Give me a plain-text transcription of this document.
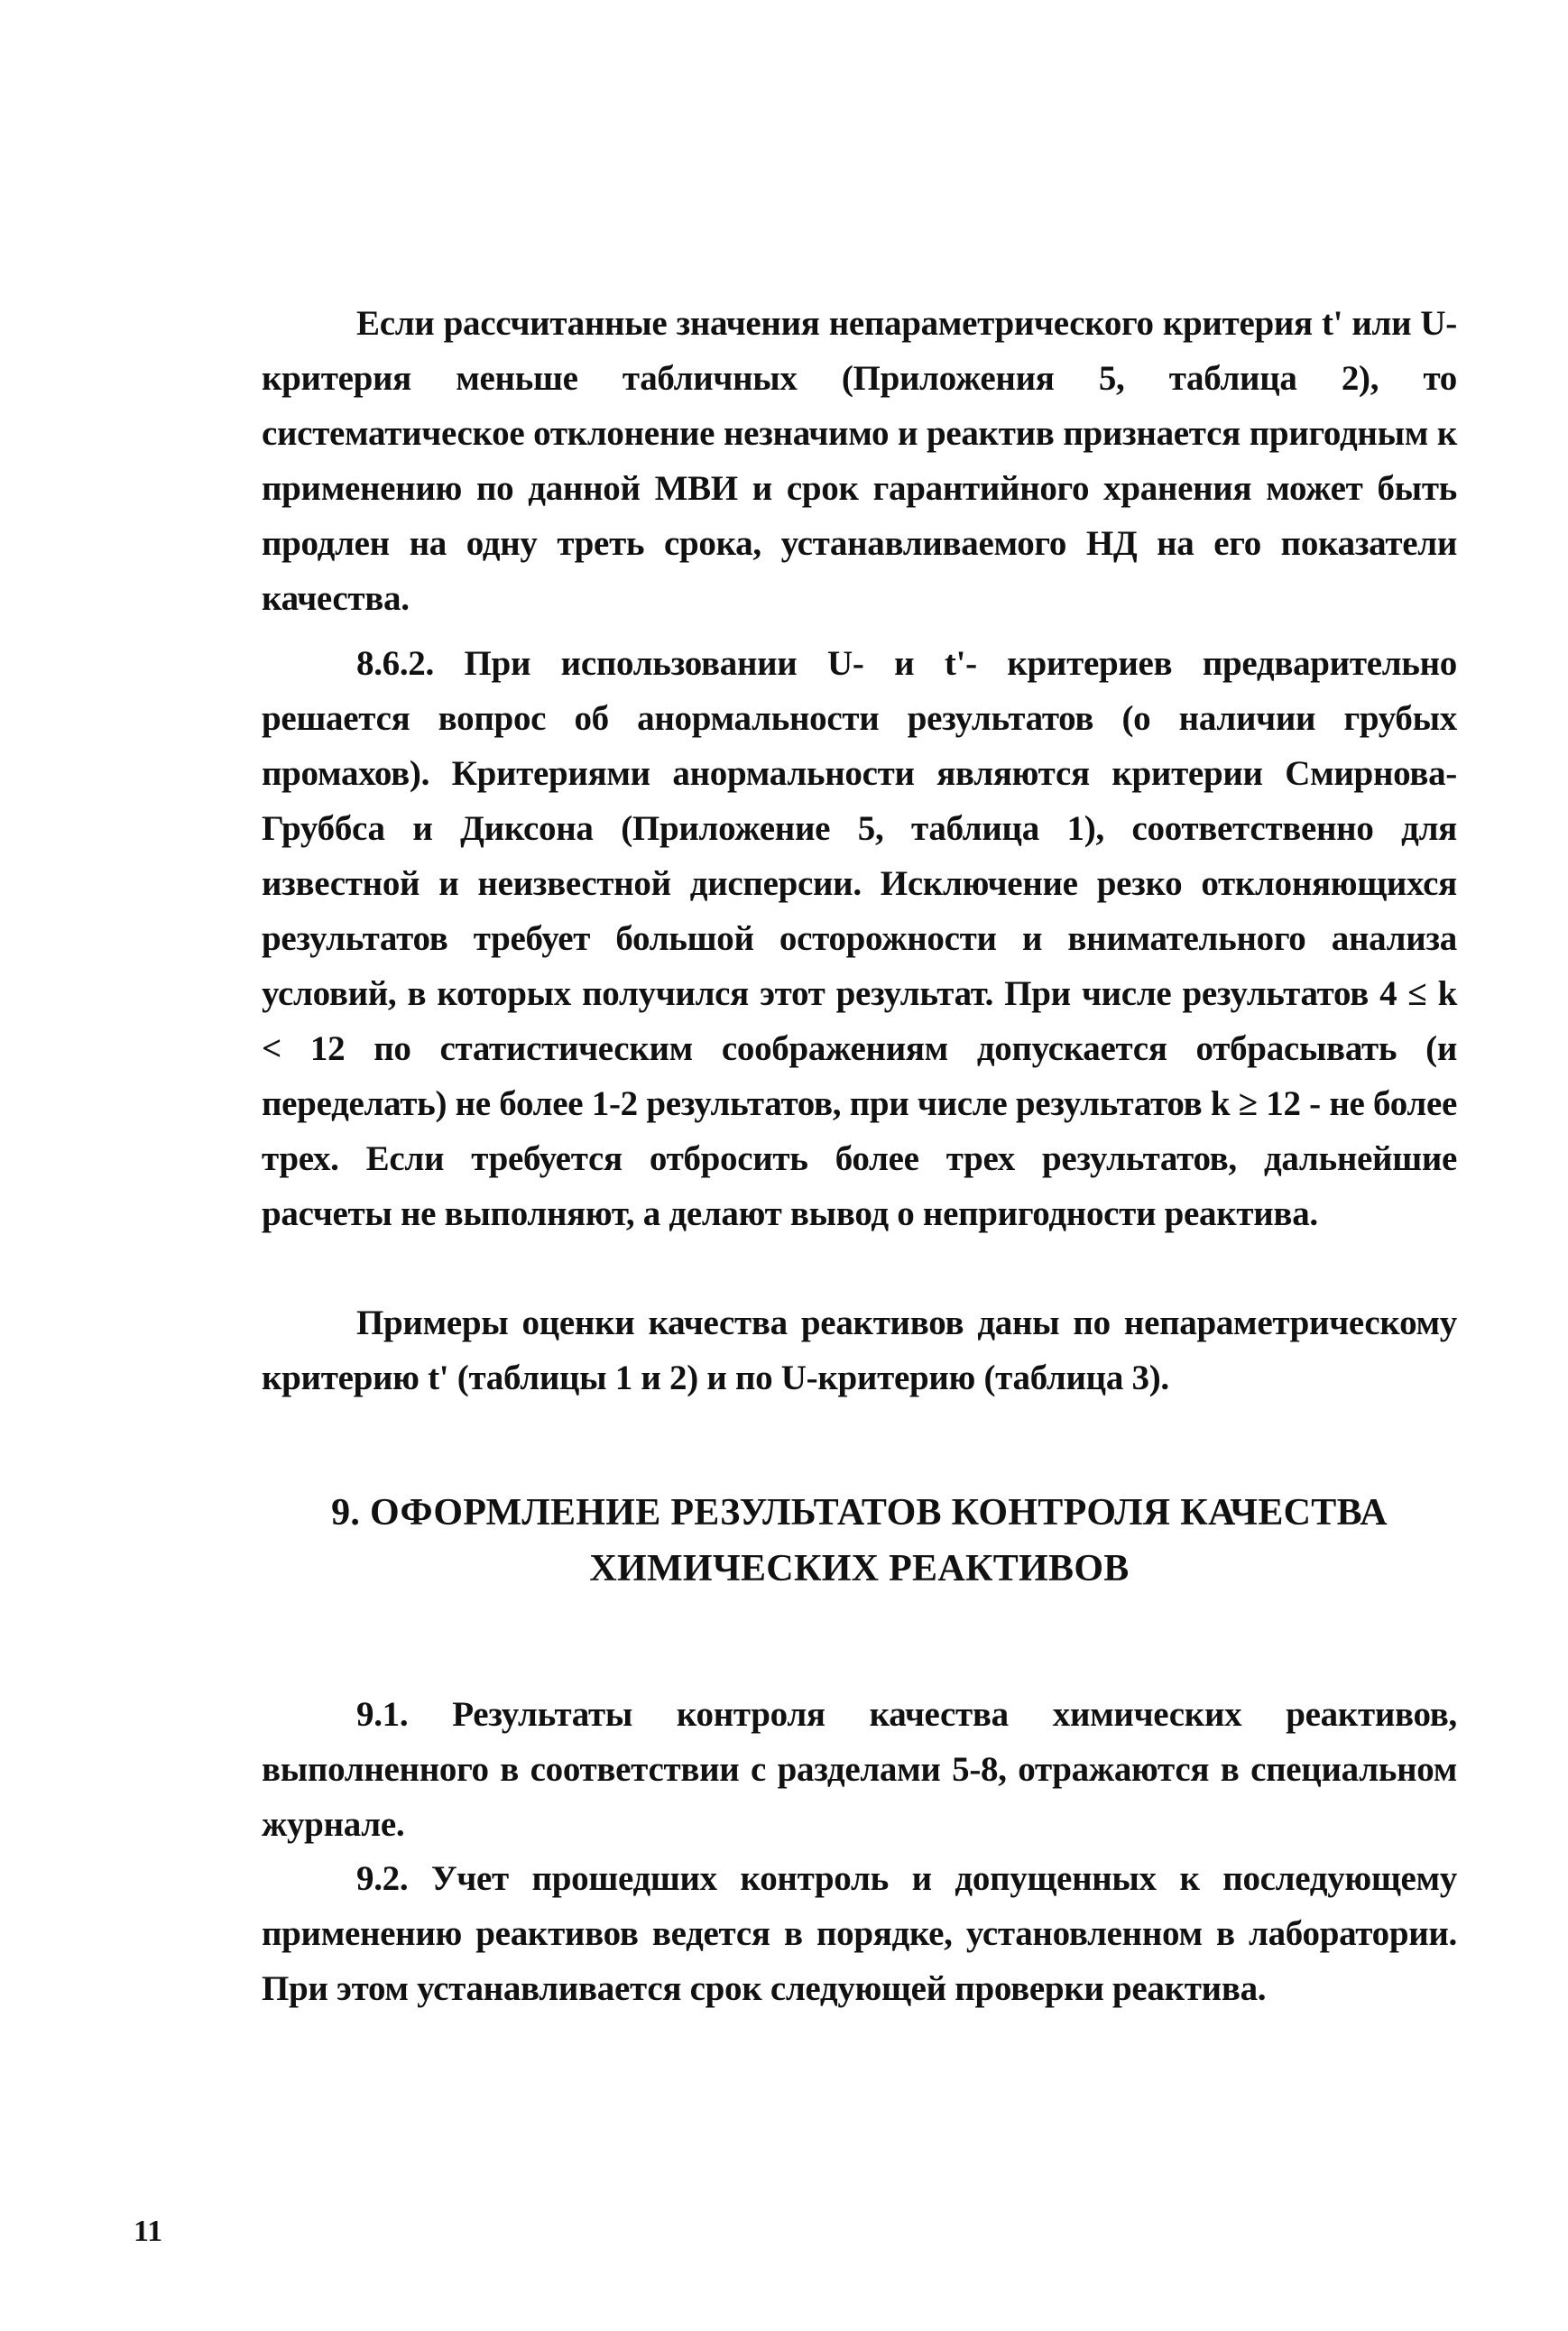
Если рассчитанные значения непараметрического критерия t' или U-критерия меньше табличных (Приложения 5, таблица 2), то систематическое отклонение незначимо и реактив признается пригодным к применению по данной МВИ и срок гарантийного хранения может быть продлен на одну треть срока, устанавливаемого НД на его показатели качества.

8.6.2. При использовании U- и t'- критериев предварительно решается вопрос об анормальности результатов (о наличии грубых промахов). Критериями анормальности являются критерии Смирнова-Груббса и Диксона (Приложение 5, таблица 1), соответственно для известной и неизвестной дисперсии. Исключение резко отклоняющихся результатов требует большой осторожности и внимательного анализа условий, в которых получился этот результат. При числе результатов 4 ≤ k < 12 по статистическим соображениям допускается отбрасывать (и переделать) не более 1-2 результатов, при числе результатов k ≥ 12 - не более трех. Если требуется отбросить более трех результатов, дальнейшие расчеты не выполняют, а делают вывод о непригодности реактива.

Примеры оценки качества реактивов даны по непараметрическому критерию t' (таблицы 1 и 2) и по U-критерию (таблица 3).

9. ОФОРМЛЕНИЕ РЕЗУЛЬТАТОВ КОНТРОЛЯ КАЧЕСТВА
ХИМИЧЕСКИХ РЕАКТИВОВ

9.1. Результаты контроля качества химических реактивов, выполненного в соответствии с разделами 5-8, отражаются в специальном журнале.

9.2. Учет прошедших контроль и допущенных к последующему применению реактивов ведется в порядке, установленном в лаборатории. При этом устанавливается срок следующей проверки реактива.

11
